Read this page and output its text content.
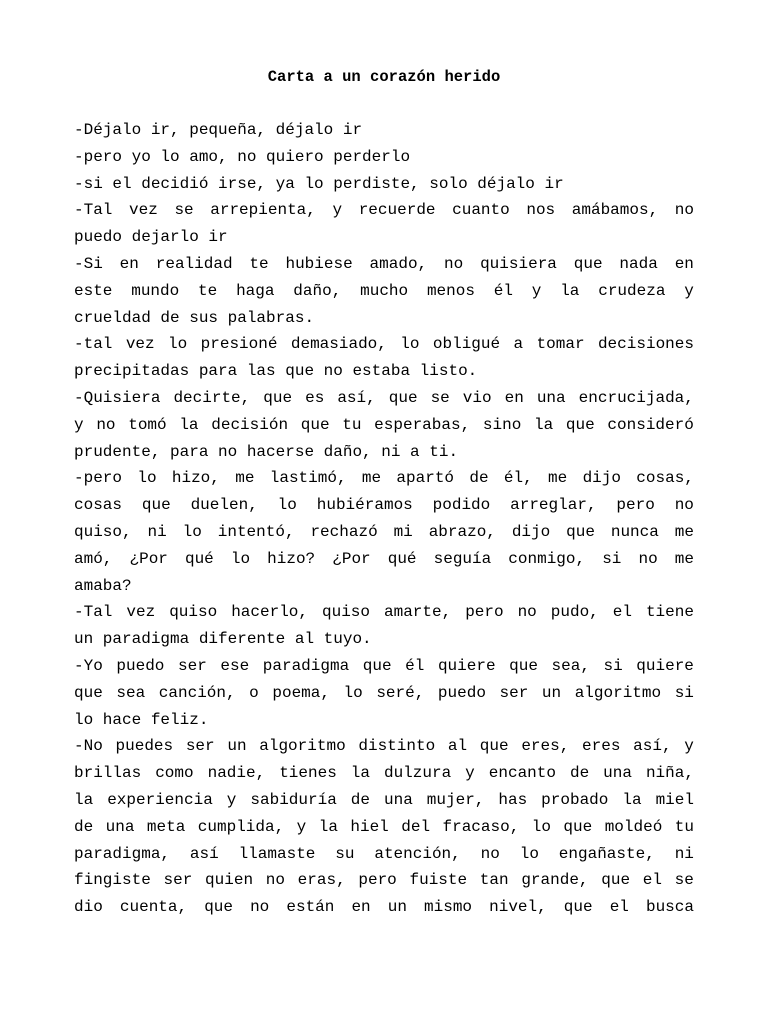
Carta a un corazón herido
-Déjalo ir, pequeña, déjalo ir
-pero yo lo amo, no quiero perderlo
-si el decidió irse, ya lo perdiste, solo déjalo ir
-Tal vez se arrepienta, y recuerde cuanto nos amábamos, no
puedo dejarlo ir
-Si en realidad te hubiese amado, no quisiera que nada en
este mundo te haga daño, mucho menos él y la crudeza y
crueldad de sus palabras.
-tal vez lo presioné demasiado, lo obligué a tomar decisiones
precipitadas para las que no estaba listo.
-Quisiera decirte, que es así, que se vio en una encrucijada,
y no tomó la decisión que tu esperabas, sino la que consideró
prudente, para no hacerse daño, ni a ti.
-pero lo hizo, me lastimó, me apartó de él, me dijo cosas,
cosas que duelen, lo hubiéramos podido arreglar, pero no
quiso, ni lo intentó, rechazó mi abrazo, dijo que nunca me
amó, ¿Por qué lo hizo? ¿Por qué seguía conmigo, si no me
amaba?
-Tal vez quiso hacerlo, quiso amarte, pero no pudo, el tiene
un paradigma diferente al tuyo.
-Yo puedo ser ese paradigma que él quiere que sea, si quiere
que sea canción, o poema, lo seré, puedo ser un algoritmo si
lo hace feliz.
-No puedes ser un algoritmo distinto al que eres, eres así, y
brillas como nadie, tienes la dulzura y encanto de una niña,
la experiencia y sabiduría de una mujer, has probado la miel
de una meta cumplida, y la hiel del fracaso, lo que moldeó tu
paradigma, así llamaste su atención, no lo engañaste, ni
fingiste ser quien no eras, pero fuiste tan grande, que el se
dio cuenta, que no están en un mismo nivel, que el busca
